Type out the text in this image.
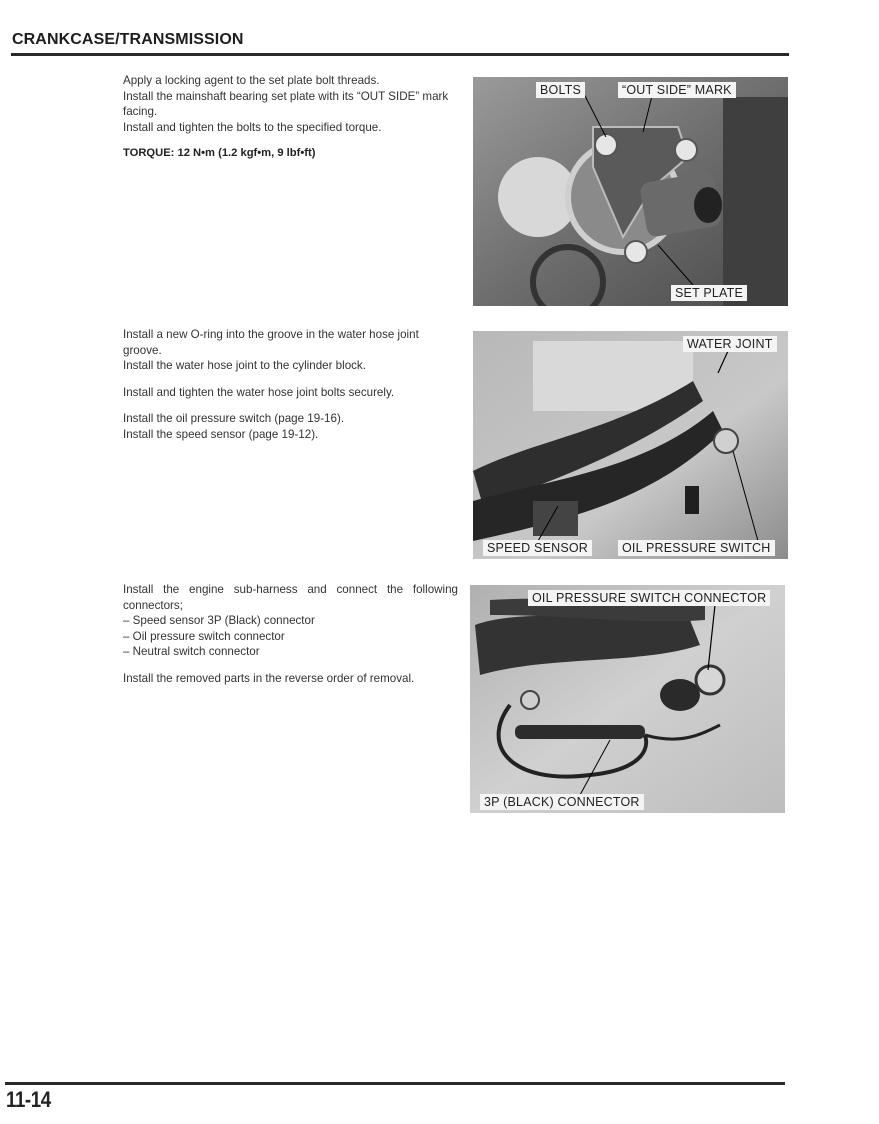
CRANKCASE/TRANSMISSION

Apply a locking agent to the set plate bolt threads.

Install the mainshaft bearing set plate with its “OUT SIDE” mark facing.

Install and tighten the bolts to the specified torque.

TORQUE: 12 N•m (1.2 kgf•m, 9 lbf•ft)

BOLTS	“OUT SIDE” MARK
SET PLATE

Install a new O-ring into the groove in the water hose joint groove.

Install the water hose joint to the cylinder block.

Install and tighten the water hose joint bolts securely.

Install the oil pressure switch (page 19-16).

Install the speed sensor (page 19-12).

WATER JOINT
SPEED SENSOR	OIL PRESSURE SWITCH

Install the engine sub-harness and connect the following connectors;

– Speed sensor 3P (Black) connector
– Oil pressure switch connector
– Neutral switch connector

Install the removed parts in the reverse order of removal.

OIL PRESSURE SWITCH CONNECTOR
3P (BLACK) CONNECTOR
11-14
